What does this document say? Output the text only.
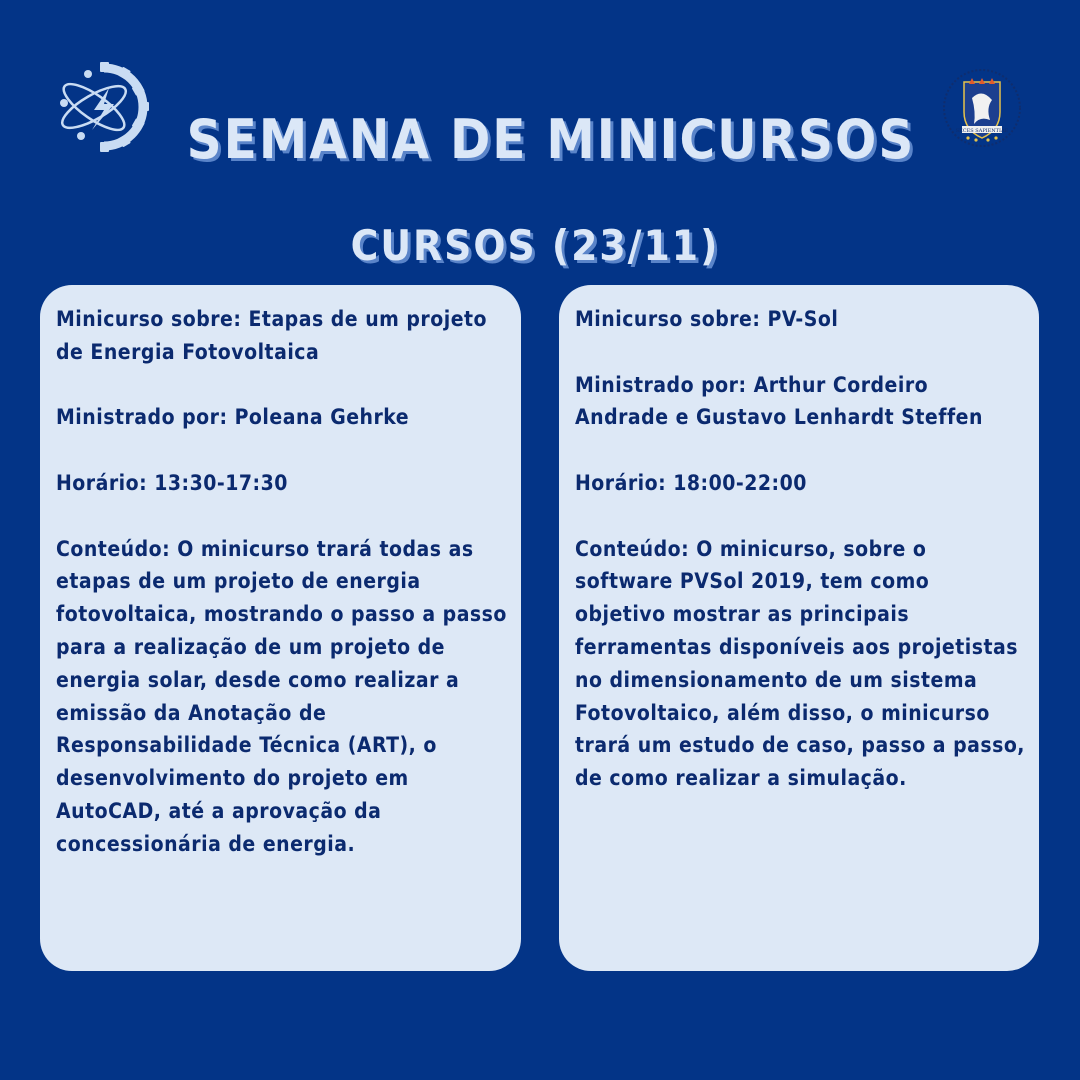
SEMANA DE MINICURSOS	SECES SAPIENTIAE
CURSOS (23/11)

Minicurso sobre: Etapas de um projeto de Energia Fotovoltaica

Ministrado por: Poleana Gehrke

Horário: 13:30-17:30

Conteúdo: O minicurso trará todas as etapas de um projeto de energia fotovoltaica, mostrando o passo a passo para a realização de um projeto de energia solar, desde como realizar a emissão da Anotação de Responsabilidade Técnica (ART), o desenvolvimento do projeto em AutoCAD, até a aprovação da concessionária de energia.

Minicurso sobre: PV-Sol

Ministrado por: Arthur Cordeiro Andrade e Gustavo Lenhardt Steffen

Horário: 18:00-22:00

Conteúdo: O minicurso, sobre o software PVSol 2019, tem como objetivo mostrar as principais ferramentas disponíveis aos projetistas no dimensionamento de um sistema Fotovoltaico, além disso, o minicurso trará um estudo de caso, passo a passo, de como realizar a simulação.
